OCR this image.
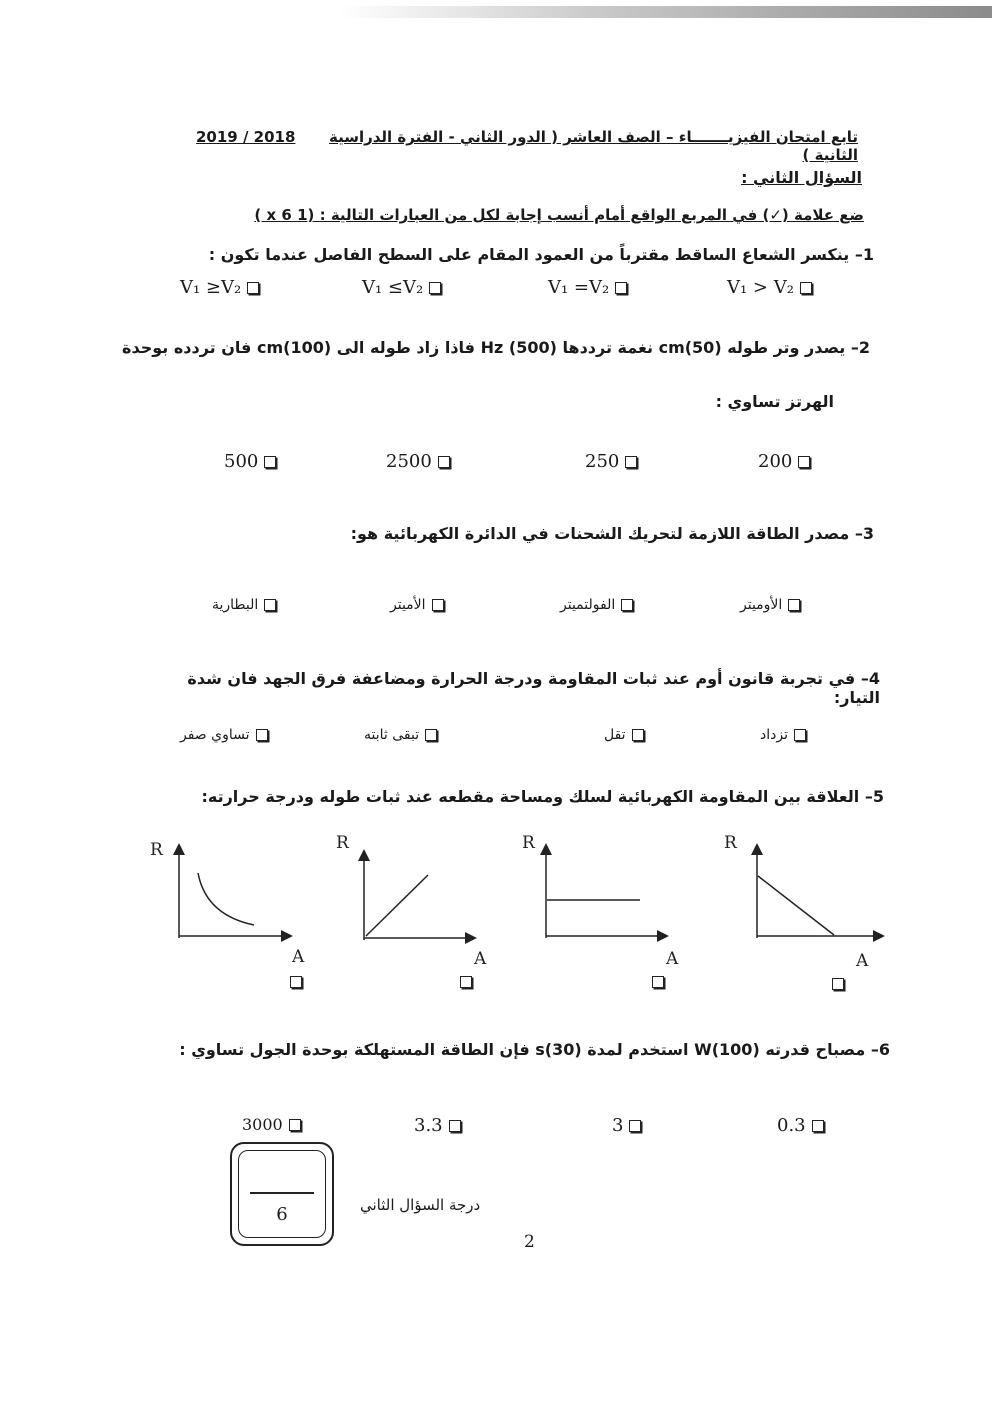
تابع امتحان الفيزيـــــــاء – الصف العاشر ( الدور الثاني - الفترة الدراسية الثانية )
2019 / 2018
السؤال الثاني :
ضع علامة (✓) في المربع الواقع أمام أنسب إجابة لكل من العبارات التالية : (1 x 6 )
1– ينكسر الشعاع الساقط مقترباً من العمود المقام على السطح الفاصل عندما تكون :
V₁ > V₂
V₁ =V₂
V₁ ≤V₂
V₁ ≥V₂
2– يصدر وتر طوله (50)cm نغمة ترددها (500) Hz فاذا زاد طوله الى (100)cm فان تردده بوحدة
الهرتز تساوي :
200
250
2500
500
3– مصدر الطاقة اللازمة لتحريك الشحنات في الدائرة الكهربائية هو:
الأوميتر
الفولتميتر
الأميتر
البطارية
4– في تجربة قانون أوم عند ثبات المقاومة ودرجة الحرارة ومضاعفة فرق الجهد فان شدة التيار:
تزداد
تقل
تبقى ثابته
تساوي صفر
5– العلاقة بين المقاومة الكهربائية لسلك ومساحة مقطعه عند ثبات طوله ودرجة حرارته:
R
A
R
A
R
A
R
A
6– مصباح قدرته (100)W استخدم لمدة (30)s فإن الطاقة المستهلكة بوحدة الجول تساوي :
0.3
3
3.3
3000
6	درجة السؤال الثاني
2
